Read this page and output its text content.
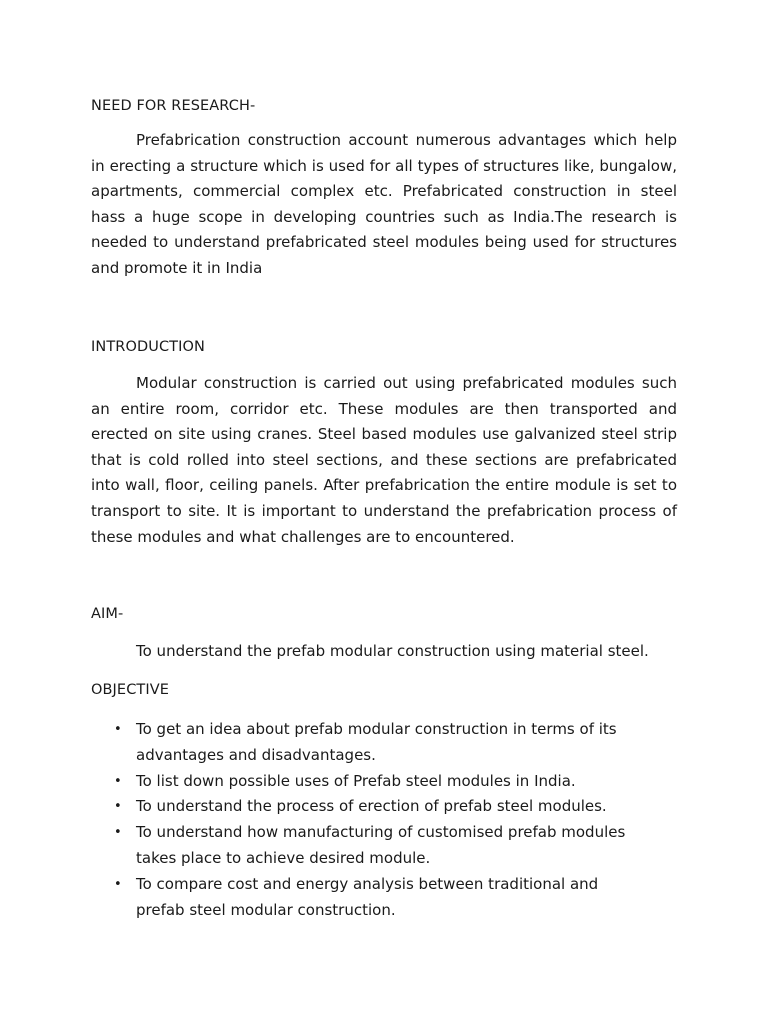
NEED FOR RESEARCH-

Prefabrication construction account numerous advantages which help in erecting a structure which is used for all types of structures like, bungalow, apartments, commercial complex etc. Prefabricated construction in steel hass a huge scope in developing countries such as India.The research is needed to understand prefabricated steel modules being used for structures and promote it in India

INTRODUCTION

Modular construction is carried out using prefabricated modules such an entire room, corridor etc. These modules are then transported and erected on site using cranes. Steel based modules use galvanized steel strip that is cold rolled into steel sections, and these sections are prefabricated into wall, floor, ceiling panels. After prefabrication the entire module is set to transport to site. It is important to understand the prefabrication process of these modules and what challenges are to encountered.

AIM-

To understand the prefab modular construction using material steel.

OBJECTIVE
• To get an idea about prefab modular construction in terms of its advantages and disadvantages.
• To list down possible uses of Prefab steel modules in India.
• To understand the process of erection of prefab steel modules.
• To understand how manufacturing of customised prefab modules takes place to achieve desired module.
• To compare cost and energy analysis between traditional and prefab steel modular construction.
